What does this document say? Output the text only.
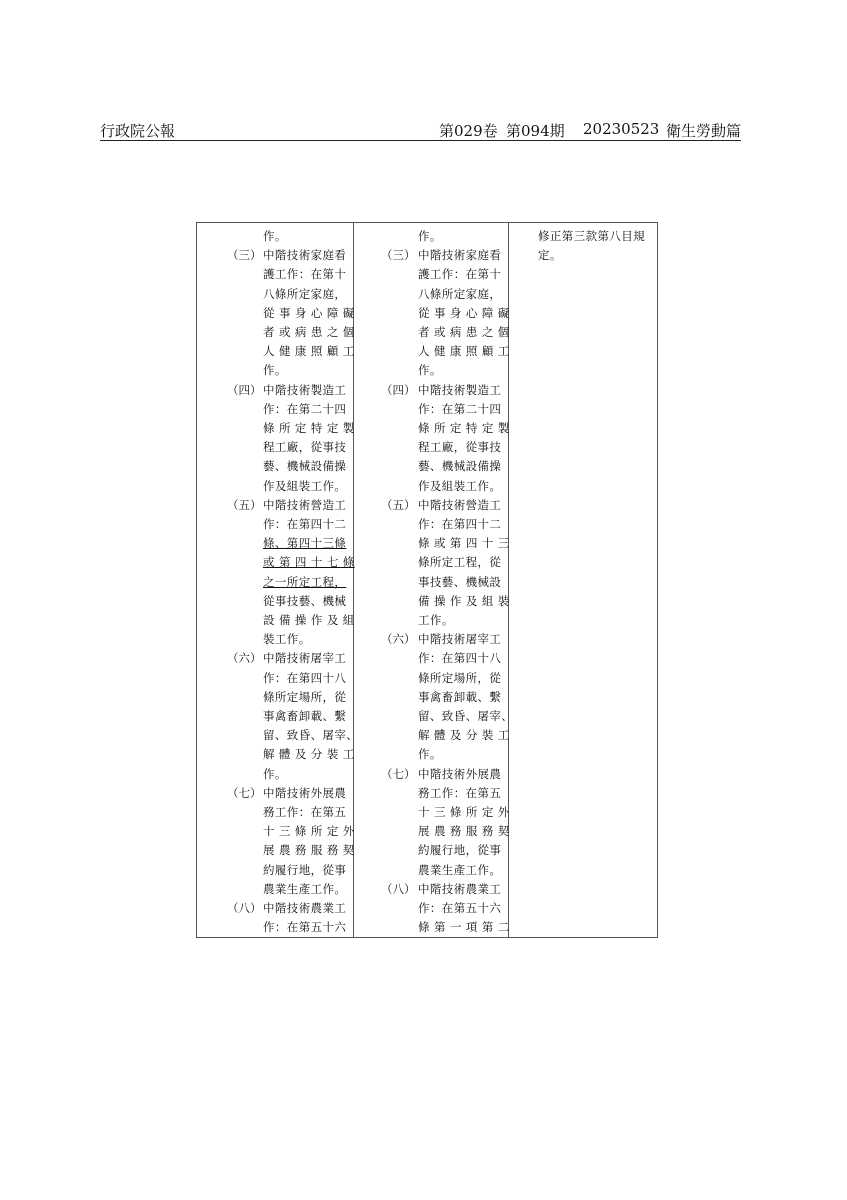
行政院公報	第029卷 第094期 20230523 衛生勞動篇
作。
（三） 中階技術家庭看
護工作：在第十
八條所定家庭，
從 事 身 心 障 礙
者 或 病 患 之 個
人 健 康 照 顧 工
作。
（四） 中階技術製造工
作：在第二十四
條 所 定 特 定 製
程工廠，從事技
藝、機械設備操
作及組裝工作。
（五） 中階技術營造工
作：在第四十二
條、第四十三條
或 第 四 十 七 條
之一所定工程，
從事技藝、機械
設 備 操 作 及 組
裝工作。
（六） 中階技術屠宰工
作：在第四十八
條所定場所，從
事禽畜卸載、繫
留、致昏、屠宰、
解 體 及 分 裝 工
作。
（七） 中階技術外展農
務工作：在第五
十 三 條 所 定 外
展 農 務 服 務 契
約履行地，從事
農業生產工作。
（八） 中階技術農業工
作：在第五十六
作。
（三） 中階技術家庭看
護工作：在第十
八條所定家庭，
從 事 身 心 障 礙
者 或 病 患 之 個
人 健 康 照 顧 工
作。
（四） 中階技術製造工
作：在第二十四
條 所 定 特 定 製
程工廠，從事技
藝、機械設備操
作及組裝工作。
（五） 中階技術營造工
作：在第四十二
條 或 第 四 十 三
條所定工程，從
事技藝、機械設
備 操 作 及 組 裝
工作。
（六） 中階技術屠宰工
作：在第四十八
條所定場所，從
事禽畜卸載、繫
留、致昏、屠宰、
解 體 及 分 裝 工
作。
（七） 中階技術外展農
務工作：在第五
十 三 條 所 定 外
展 農 務 服 務 契
約履行地，從事
農業生產工作。
（八） 中階技術農業工
作：在第五十六
條 第 一 項 第 二
修正第三款第八目規
定。
